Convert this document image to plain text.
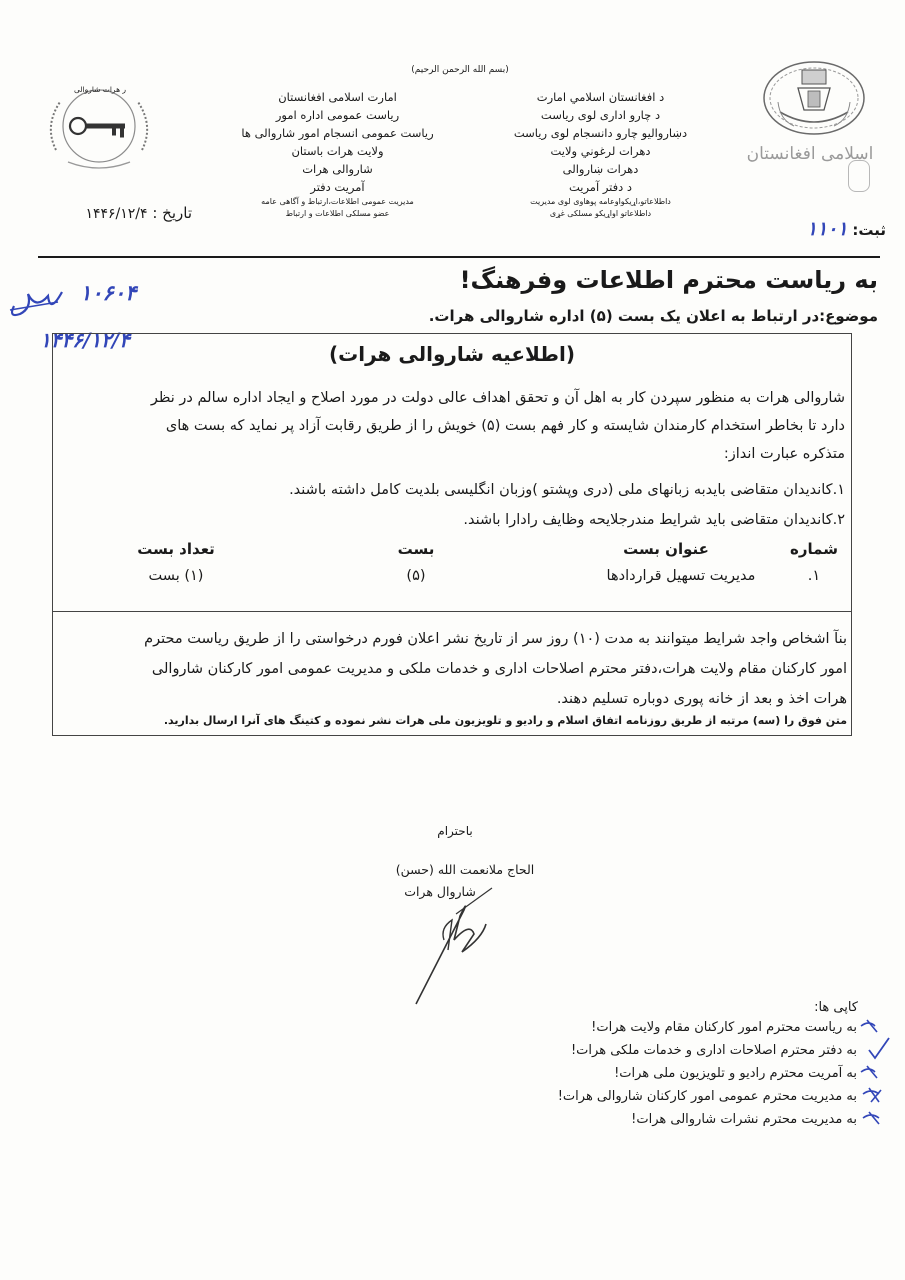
(بسم الله الرحمن الرحيم)
د افغانستان اسلامي امارت
د چارو اداری لوی ریاست
دښاروالیو چارو دانسجام لوی ریاست
دهرات لرغوني ولایت
دهرات ښاروالی
د دفتر آمریت
داطلاعاتو،اړیکواوعامه پوهاوی لوی مدیریت
داطلاعاتو اواړیکو مسلکی غړی
امارت اسلامی افغانستان
ریاست عمومی اداره امور
ریاست عمومی انسجام امور شاروالی ها
ولایت هرات باستان
شاروالی هرات
آمریت دفتر
مدیریت عمومی اطلاعات،ارتباط و آگاهی عامه
عضو مسلکی اطلاعات و ارتباط
اسلامی افغانستان
ر هرات شاروالی
تاریخ : ۱۴۴۶/۱۲/۴
ثبت: ۱۱۰۱
۱۰۶۰۴
۱۴۴۶/۱۲/۴
به ریاست محترم اطلاعات وفرهنگ!
موضوع:در ارتباط به اعلان یک بست (۵) اداره شاروالی هرات.
(اطلاعیه شاروالی هرات)
شاروالی هرات به منظور سپردن کار به اهل آن و تحقق اهداف عالی دولت در مورد اصلاح و ایجاد اداره سالم در نظر
دارد تا بخاطر استخدام کارمندان شایسته و کار فهم بست (۵) خویش را از طریق رقابت آزاد پر نماید که بست های
متذکره عبارت انداز:
۱.کاندیدان متقاضی بایدبه زبانهای ملی (دری وپشتو )وزبان انگلیسی بلدیت کامل داشته باشند.
۲.کاندیدان متقاضی باید شرایط مندرجلایحه وظایف رادارا باشند.
شماره
عنوان بست
بست
تعداد بست
۱.
مدیریت تسهیل قراردادها
(۵)
(۱) بست
بنآ اشخاص واجد شرایط میتوانند به مدت (۱۰) روز سر از تاریخ نشر اعلان فورم درخواستی را از طریق ریاست محترم
امور کارکنان مقام ولایت هرات،دفتر محترم اصلاحات اداری و خدمات ملکی و مدیریت عمومی امور کارکنان شاروالی
هرات اخذ و بعد از خانه پوری دوباره تسلیم دهند.
متن فوق را (سه) مرتبه از طریق روزنامه اتفاق اسلام و رادیو و تلویزیون ملی هرات نشر نموده و کتینگ های آنرا ارسال بدارید.
باحترام
الحاج ملانعمت الله (حسن)
شاروال هرات
کاپی ها:
به ریاست محترم امور کارکنان مقام ولایت هرات!
به دفتر محترم اصلاحات اداری و خدمات ملکی هرات!
به آمریت محترم رادیو و تلویزیون ملی هرات!
به مدیریت محترم عمومی امور کارکنان شاروالی هرات!
به مدیریت محترم نشرات شاروالی هرات!
